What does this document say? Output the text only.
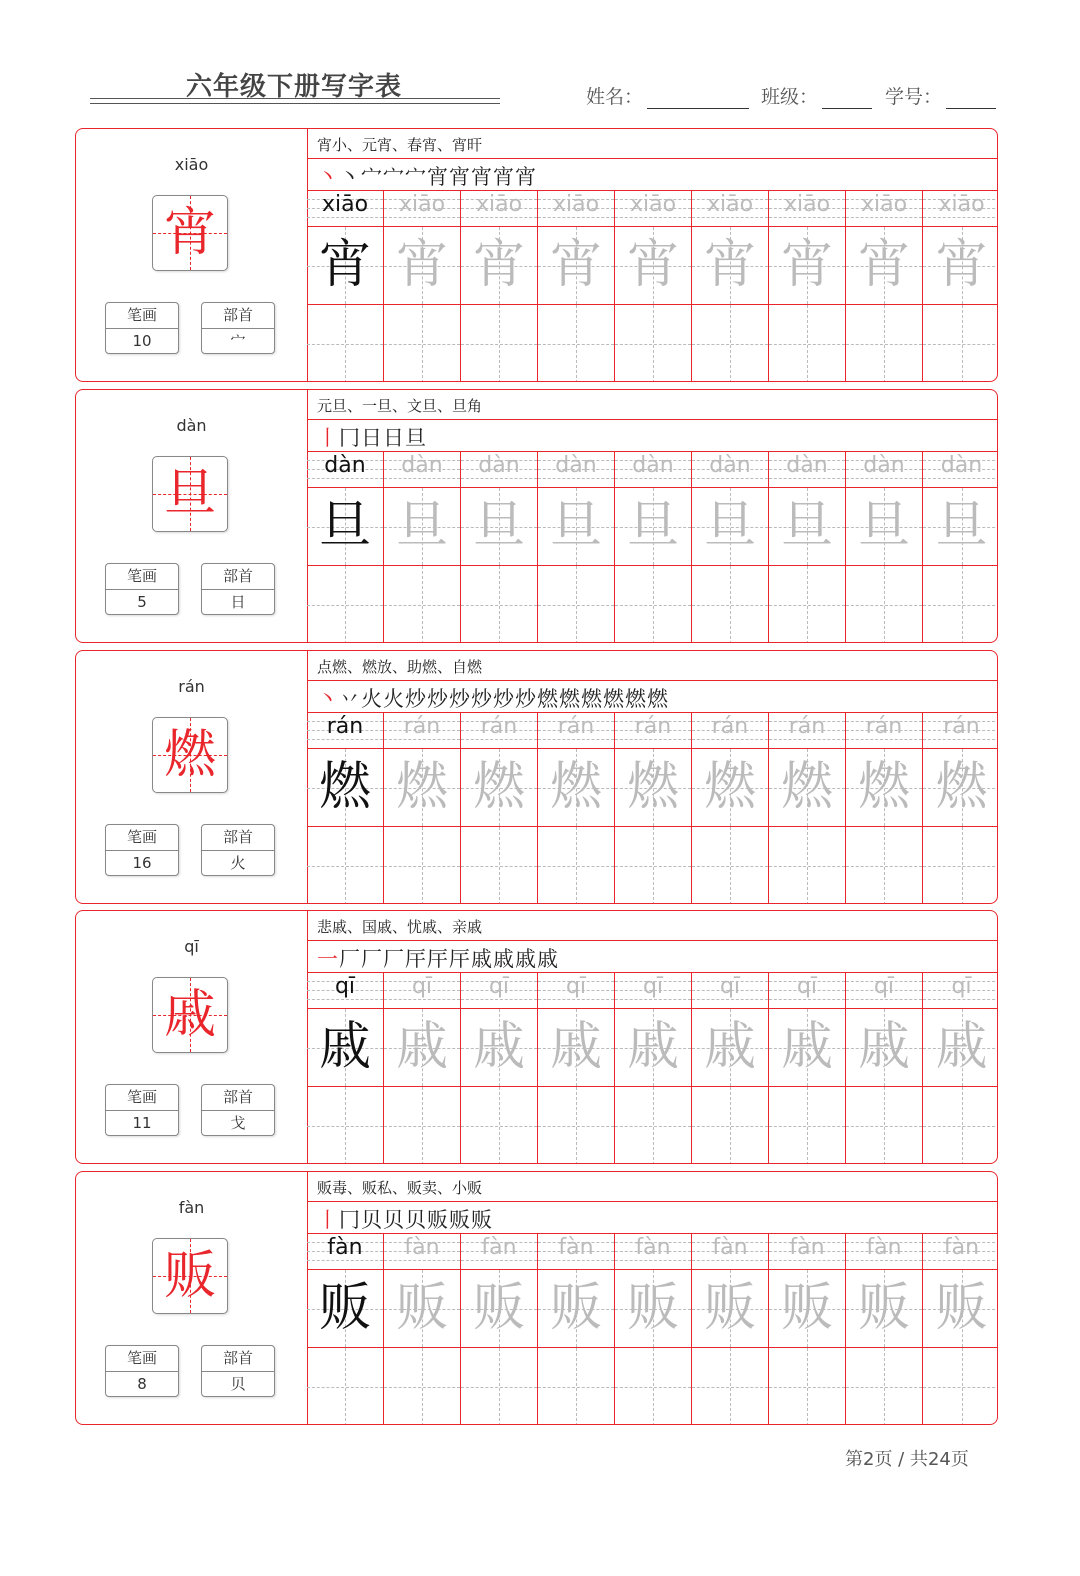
六年级下册写字表	姓名：	班级：	学号：
xiāo
宵
笔画
10
部首
宀
宵小、元宵、春宵、宵旰
丶丶宀宀宀宵宵宵宵宵
xiāo
宵
xiāo
宵
xiāo
宵
xiāo
宵
xiāo
宵
xiāo
宵
xiāo
宵
xiāo
宵
xiāo
宵
dàn
旦
笔画
5
部首
日
元旦、一旦、文旦、旦角
丨冂日日旦
dàn
旦
dàn
旦
dàn
旦
dàn
旦
dàn
旦
dàn
旦
dàn
旦
dàn
旦
dàn
旦
rán
燃
笔画
16
部首
火
点燃、燃放、助燃、自燃
丶丷火火炒炒炒炒炒炒燃燃燃燃燃燃
rán
燃
rán
燃
rán
燃
rán
燃
rán
燃
rán
燃
rán
燃
rán
燃
rán
燃
qī
戚
笔画
11
部首
戈
悲戚、国戚、忧戚、亲戚
一厂厂厂厈厈厈戚戚戚戚
qī
戚
qī
戚
qī
戚
qī
戚
qī
戚
qī
戚
qī
戚
qī
戚
qī
戚
fàn
贩
笔画
8
部首
贝
贩毒、贩私、贩卖、小贩
丨冂贝贝贝贩贩贩
fàn
贩
fàn
贩
fàn
贩
fàn
贩
fàn
贩
fàn
贩
fàn
贩
fàn
贩
fàn
贩
第2页 / 共24页
